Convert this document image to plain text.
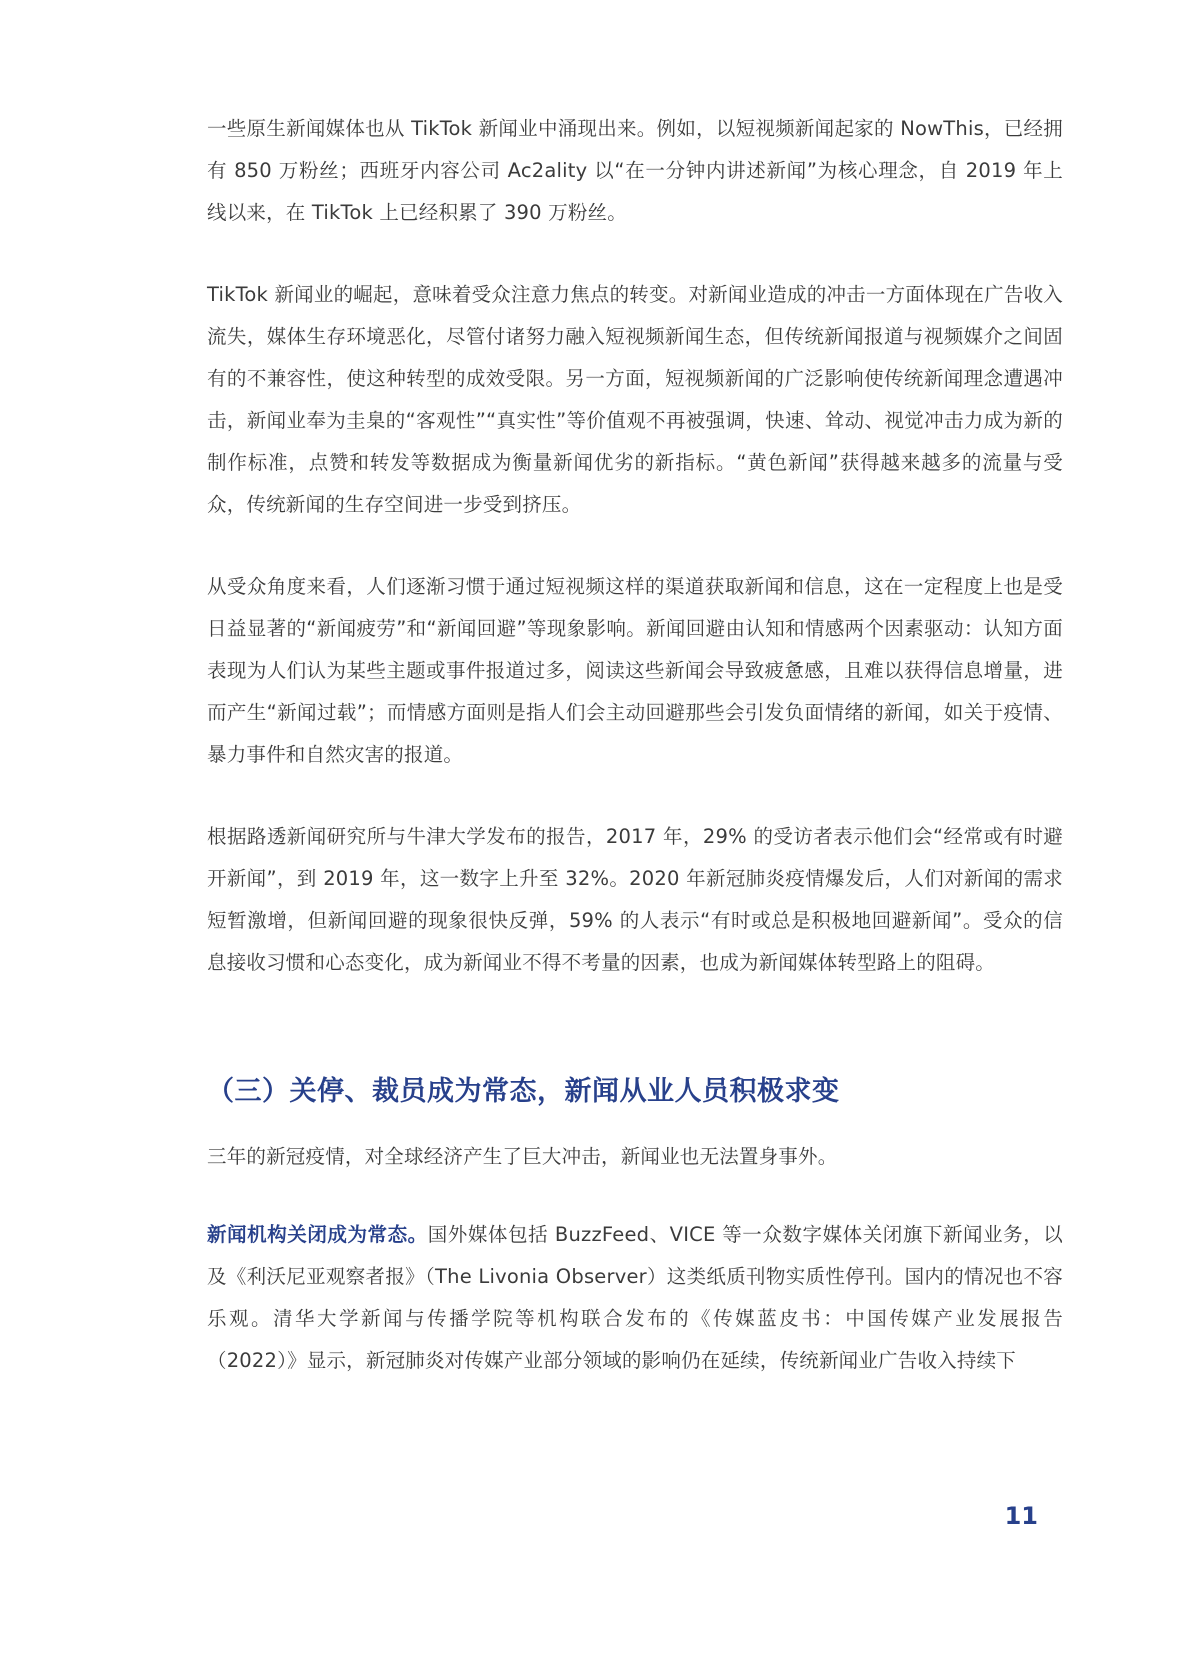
一些原生新闻媒体也从 TikTok 新闻业中涌现出来。例如，以短视频新闻起家的 NowThis，已经拥有 850 万粉丝；西班牙内容公司 Ac2ality 以“在一分钟内讲述新闻”为核心理念，自 2019 年上线以来，在 TikTok 上已经积累了 390 万粉丝。

TikTok 新闻业的崛起，意味着受众注意力焦点的转变。对新闻业造成的冲击一方面体现在广告收入流失，媒体生存环境恶化，尽管付诸努力融入短视频新闻生态，但传统新闻报道与视频媒介之间固有的不兼容性，使这种转型的成效受限。另一方面，短视频新闻的广泛影响使传统新闻理念遭遇冲击，新闻业奉为圭臬的“客观性”“真实性”等价值观不再被强调，快速、耸动、视觉冲击力成为新的制作标准，点赞和转发等数据成为衡量新闻优劣的新指标。“黄色新闻”获得越来越多的流量与受众，传统新闻的生存空间进一步受到挤压。

从受众角度来看，人们逐渐习惯于通过短视频这样的渠道获取新闻和信息，这在一定程度上也是受日益显著的“新闻疲劳”和“新闻回避”等现象影响。新闻回避由认知和情感两个因素驱动：认知方面表现为人们认为某些主题或事件报道过多，阅读这些新闻会导致疲惫感，且难以获得信息增量，进而产生“新闻过载”；而情感方面则是指人们会主动回避那些会引发负面情绪的新闻，如关于疫情、暴力事件和自然灾害的报道。

根据路透新闻研究所与牛津大学发布的报告，2017 年，29% 的受访者表示他们会“经常或有时避开新闻”，到 2019 年，这一数字上升至 32%。2020 年新冠肺炎疫情爆发后，人们对新闻的需求短暂激增，但新闻回避的现象很快反弹，59% 的人表示“有时或总是积极地回避新闻”。受众的信息接收习惯和心态变化，成为新闻业不得不考量的因素，也成为新闻媒体转型路上的阻碍。

（三）关停、裁员成为常态，新闻从业人员积极求变

三年的新冠疫情，对全球经济产生了巨大冲击，新闻业也无法置身事外。

新闻机构关闭成为常态。国外媒体包括 BuzzFeed、VICE 等一众数字媒体关闭旗下新闻业务，以及《利沃尼亚观察者报》（The Livonia Observer）这类纸质刊物实质性停刊。国内的情况也不容乐观。清华大学新闻与传播学院等机构联合发布的《传媒蓝皮书：中国传媒产业发展报告（2022）》显示，新冠肺炎对传媒产业部分领域的影响仍在延续，传统新闻业广告收入持续下

11
